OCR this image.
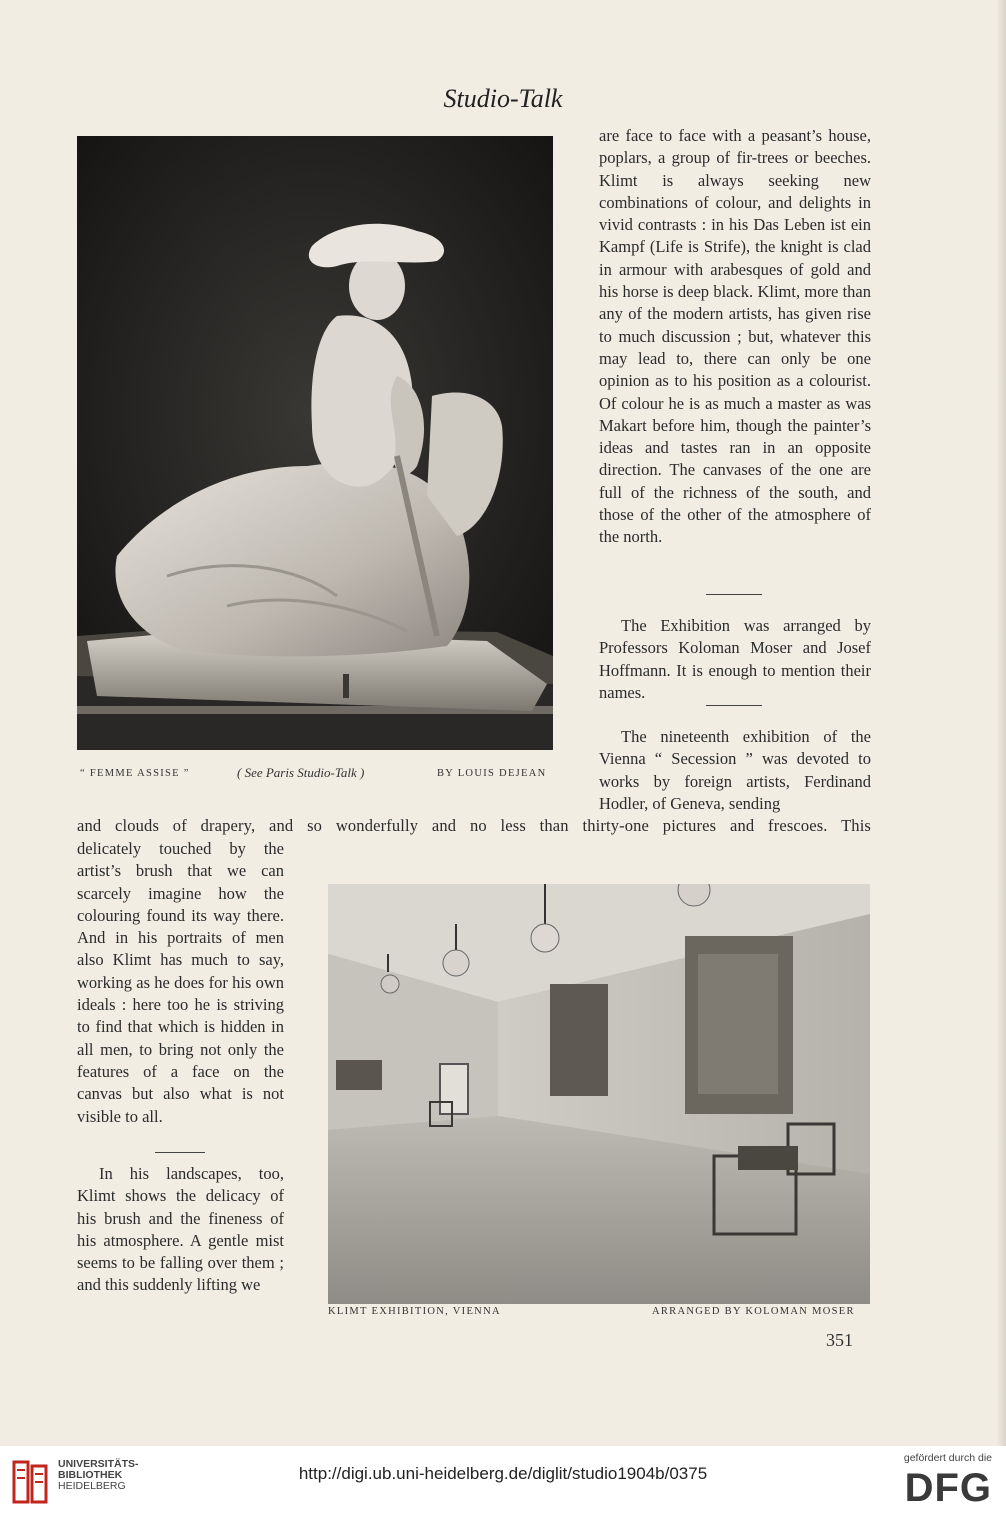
Studio-Talk
“ FEMME ASSISE ”	( See Paris Studio-Talk )	BY LOUIS DEJEAN

are face to face with a peasant’s house, poplars, a group of fir-trees or beeches. Klimt is always seeking new combinations of colour, and delights in vivid contrasts : in his Das Leben ist ein Kampf (Life is Strife), the knight is clad in armour with arabesques of gold and his horse is deep black. Klimt, more than any of the modern artists, has given rise to much discussion ; but, whatever this may lead to, there can only be one opinion as to his position as a colourist. Of colour he is as much a master as was Makart before him, though the painter’s ideas and tastes ran in an opposite direction. The canvases of the one are full of the richness of the south, and those of the other of the atmosphere of the north.

The Exhibition was arranged by Professors Koloman Moser and Josef Hoffmann. It is enough to mention their names.

The nineteenth exhibition of the Vienna “ Secession ” was devoted to works by foreign artists, Ferdinand Hodler, of Geneva, sending

and clouds of drapery, and so wonderfully and no less than thirty-one pictures and frescoes. This

delicately touched by the artist’s brush that we can scarcely imagine how the colouring found its way there. And in his portraits of men also Klimt has much to say, working as he does for his own ideals : here too he is striving to find that which is hidden in all men, to bring not only the features of a face on the canvas but also what is not visible to all.

In his landscapes, too, Klimt shows the delicacy of his brush and the fineness of his atmosphere. A gentle mist seems to be falling over them ; and this suddenly lifting we

KLIMT EXHIBITION, VIENNA	ARRANGED BY KOLOMAN MOSER
351
UNIVERSITÄTS-
BIBLIOTHEK
HEIDELBERG
http://digi.ub.uni-heidelberg.de/diglit/studio1904b/0375
gefördert durch die
DFG
